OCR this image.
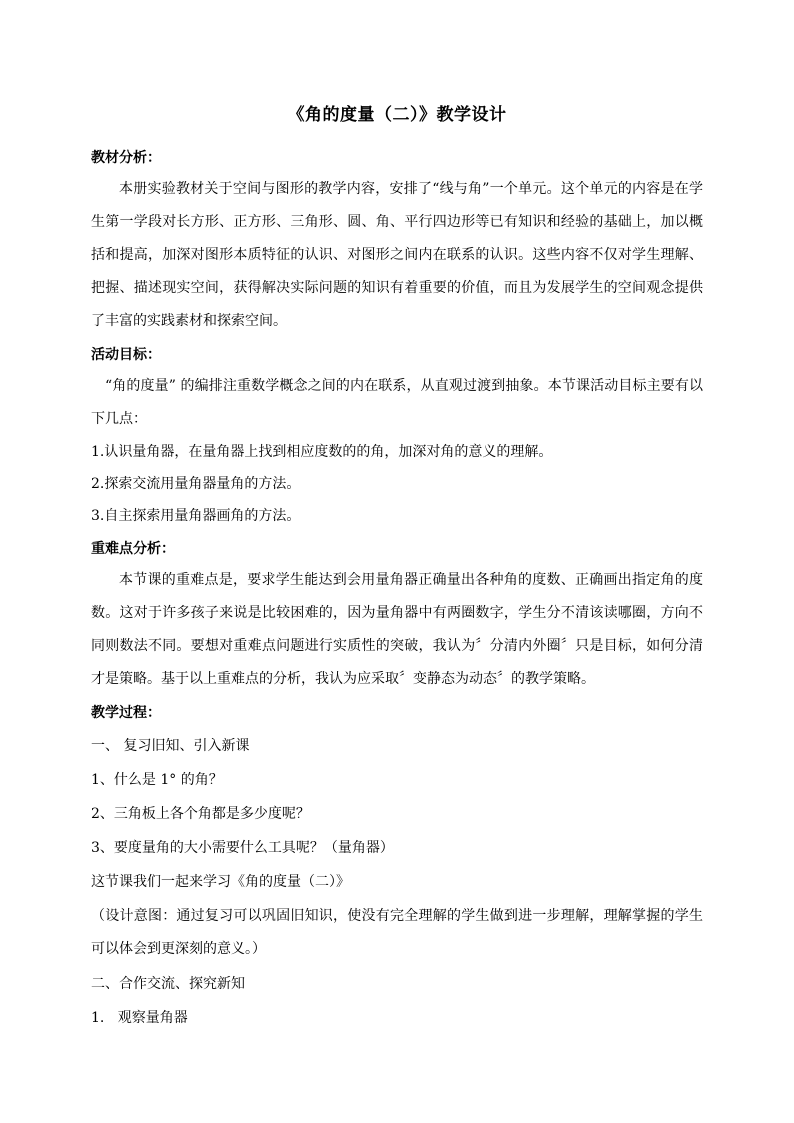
《角的度量（二）》教学设计

教材分析：

本册实验教材关于空间与图形的教学内容，安排了“线与角”一个单元。这个单元的内容是在学生第一学段对长方形、正方形、三角形、圆、角、平行四边形等已有知识和经验的基础上，加以概括和提高，加深对图形本质特征的认识、对图形之间内在联系的认识。这些内容不仅对学生理解、把握、描述现实空间，获得解决实际问题的知识有着重要的价值，而且为发展学生的空间观念提供了丰富的实践素材和探索空间。

活动目标：

“角的度量” 的编排注重数学概念之间的内在联系，从直观过渡到抽象。本节课活动目标主要有以下几点：

1.认识量角器，在量角器上找到相应度数的的角，加深对角的意义的理解。

2.探索交流用量角器量角的方法。

3.自主探索用量角器画角的方法。

重难点分析：

本节课的重难点是，要求学生能达到会用量角器正确量出各种角的度数、正确画出指定角的度数。这对于许多孩子来说是比较困难的，因为量角器中有两圈数字，学生分不清该读哪圈，方向不同则数法不同。要想对重难点问题进行实质性的突破，我认为〞分清内外圈〞只是目标，如何分清才是策略。基于以上重难点的分析，我认为应采取〞变静态为动态〞的教学策略。

教学过程：

一、 复习旧知、引入新课

1、什么是 1° 的角？

2、三角板上各个角都是多少度呢？

3、要度量角的大小需要什么工具呢？（量角器）

这节课我们一起来学习《角的度量（二）》

（设计意图：通过复习可以巩固旧知识，使没有完全理解的学生做到进一步理解，理解掌握的学生可以体会到更深刻的意义。）

二、合作交流、探究新知

1.   观察量角器
